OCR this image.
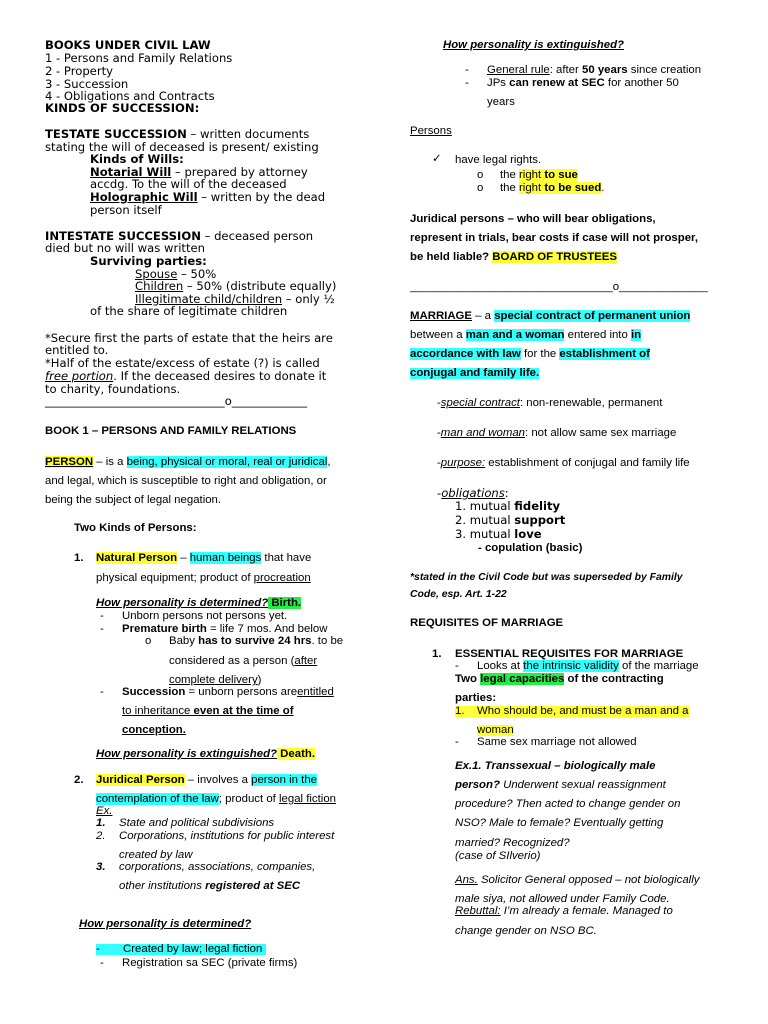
BOOKS UNDER CIVIL LAW
1 - Persons and Family Relations
2 - Property
3 - Succession
4 - Obligations and Contracts
KINDS OF SUCCESSION:
TESTATE SUCCESSION – written documents
stating the will of deceased is present/ existing
Kinds of Wills:
Notarial Will – prepared by attorney
accdg. To the will of the deceased
Holographic Will – written by the dead
person itself
INTESTATE SUCCESSION – deceased person
died but no will was written
Surviving parties:
Spouse – 50%
Children – 50% (distribute equally)
Illegitimate child/children – only ½
of the share of legitimate children
*Secure first the parts of estate that the heirs are
entitled to.
*Half of the estate/excess of estate (?) is called
free portion. If the deceased desires to donate it
to charity, foundations.
_______________________________o_____________
BOOK 1 – PERSONS AND FAMILY RELATIONS
PERSON – is a being, physical or moral, real or juridical,
and legal, which is susceptible to right and obligation, or
being the subject of legal negation.
Two Kinds of Persons:
1. Natural Person – human beings that have
physical equipment; product of procreation
How personality is determined? Birth.
- Unborn persons not persons yet.
- Premature birth = life 7 mos. And below
o Baby has to survive 24 hrs. to be
considered as a person (after
complete delivery)
- Succession = unborn persons areentitled
to inheritance even at the time of
conception.
How personality is extinguished? Death.
2. Juridical Person – involves a person in the
contemplation of the law; product of legal fiction
Ex.
1. State and political subdivisions
2. Corporations, institutions for public interest
created by law
3. corporations, associations, companies,
other institutions registered at SEC
How personality is determined?
- Created by law; legal fiction
- Registration sa SEC (private firms)
How personality is extinguished?
- General rule: after 50 years since creation
- JPs can renew at SEC for another 50
years
Persons
✓ have legal rights.
o the right to sue
o the right to be sued.
Juridical persons – who will bear obligations,
represent in trials, bear costs if case will not prosper,
be held liable? BOARD OF TRUSTEES
________________________________o______________
MARRIAGE – a special contract of permanent union
between a man and a woman entered into in
accordance with law for the establishment of
conjugal and family life.
-special contract: non-renewable, permanent
-man and woman: not allow same sex marriage
-purpose: establishment of conjugal and family life
-obligations:
1. mutual fidelity
2. mutual support
3. mutual love
- copulation (basic)
*stated in the Civil Code but was superseded by Family
Code, esp. Art. 1-22
REQUISITES OF MARRIAGE
1. ESSENTIAL REQUISITES FOR MARRIAGE
- Looks at the intrinsic validity of the marriage
Two legal capacities of the contracting
parties:
1. Who should be, and must be a man and a
woman
- Same sex marriage not allowed
Ex.1. Transsexual – biologically male
person? Underwent sexual reassignment
procedure? Then acted to change gender on
NSO? Male to female? Eventually getting
married? Recognized?
(case of SIlverio)
Ans. Solicitor General opposed – not biologically
male siya, not allowed under Family Code.
Rebuttal: I’m already a female. Managed to
change gender on NSO BC.
